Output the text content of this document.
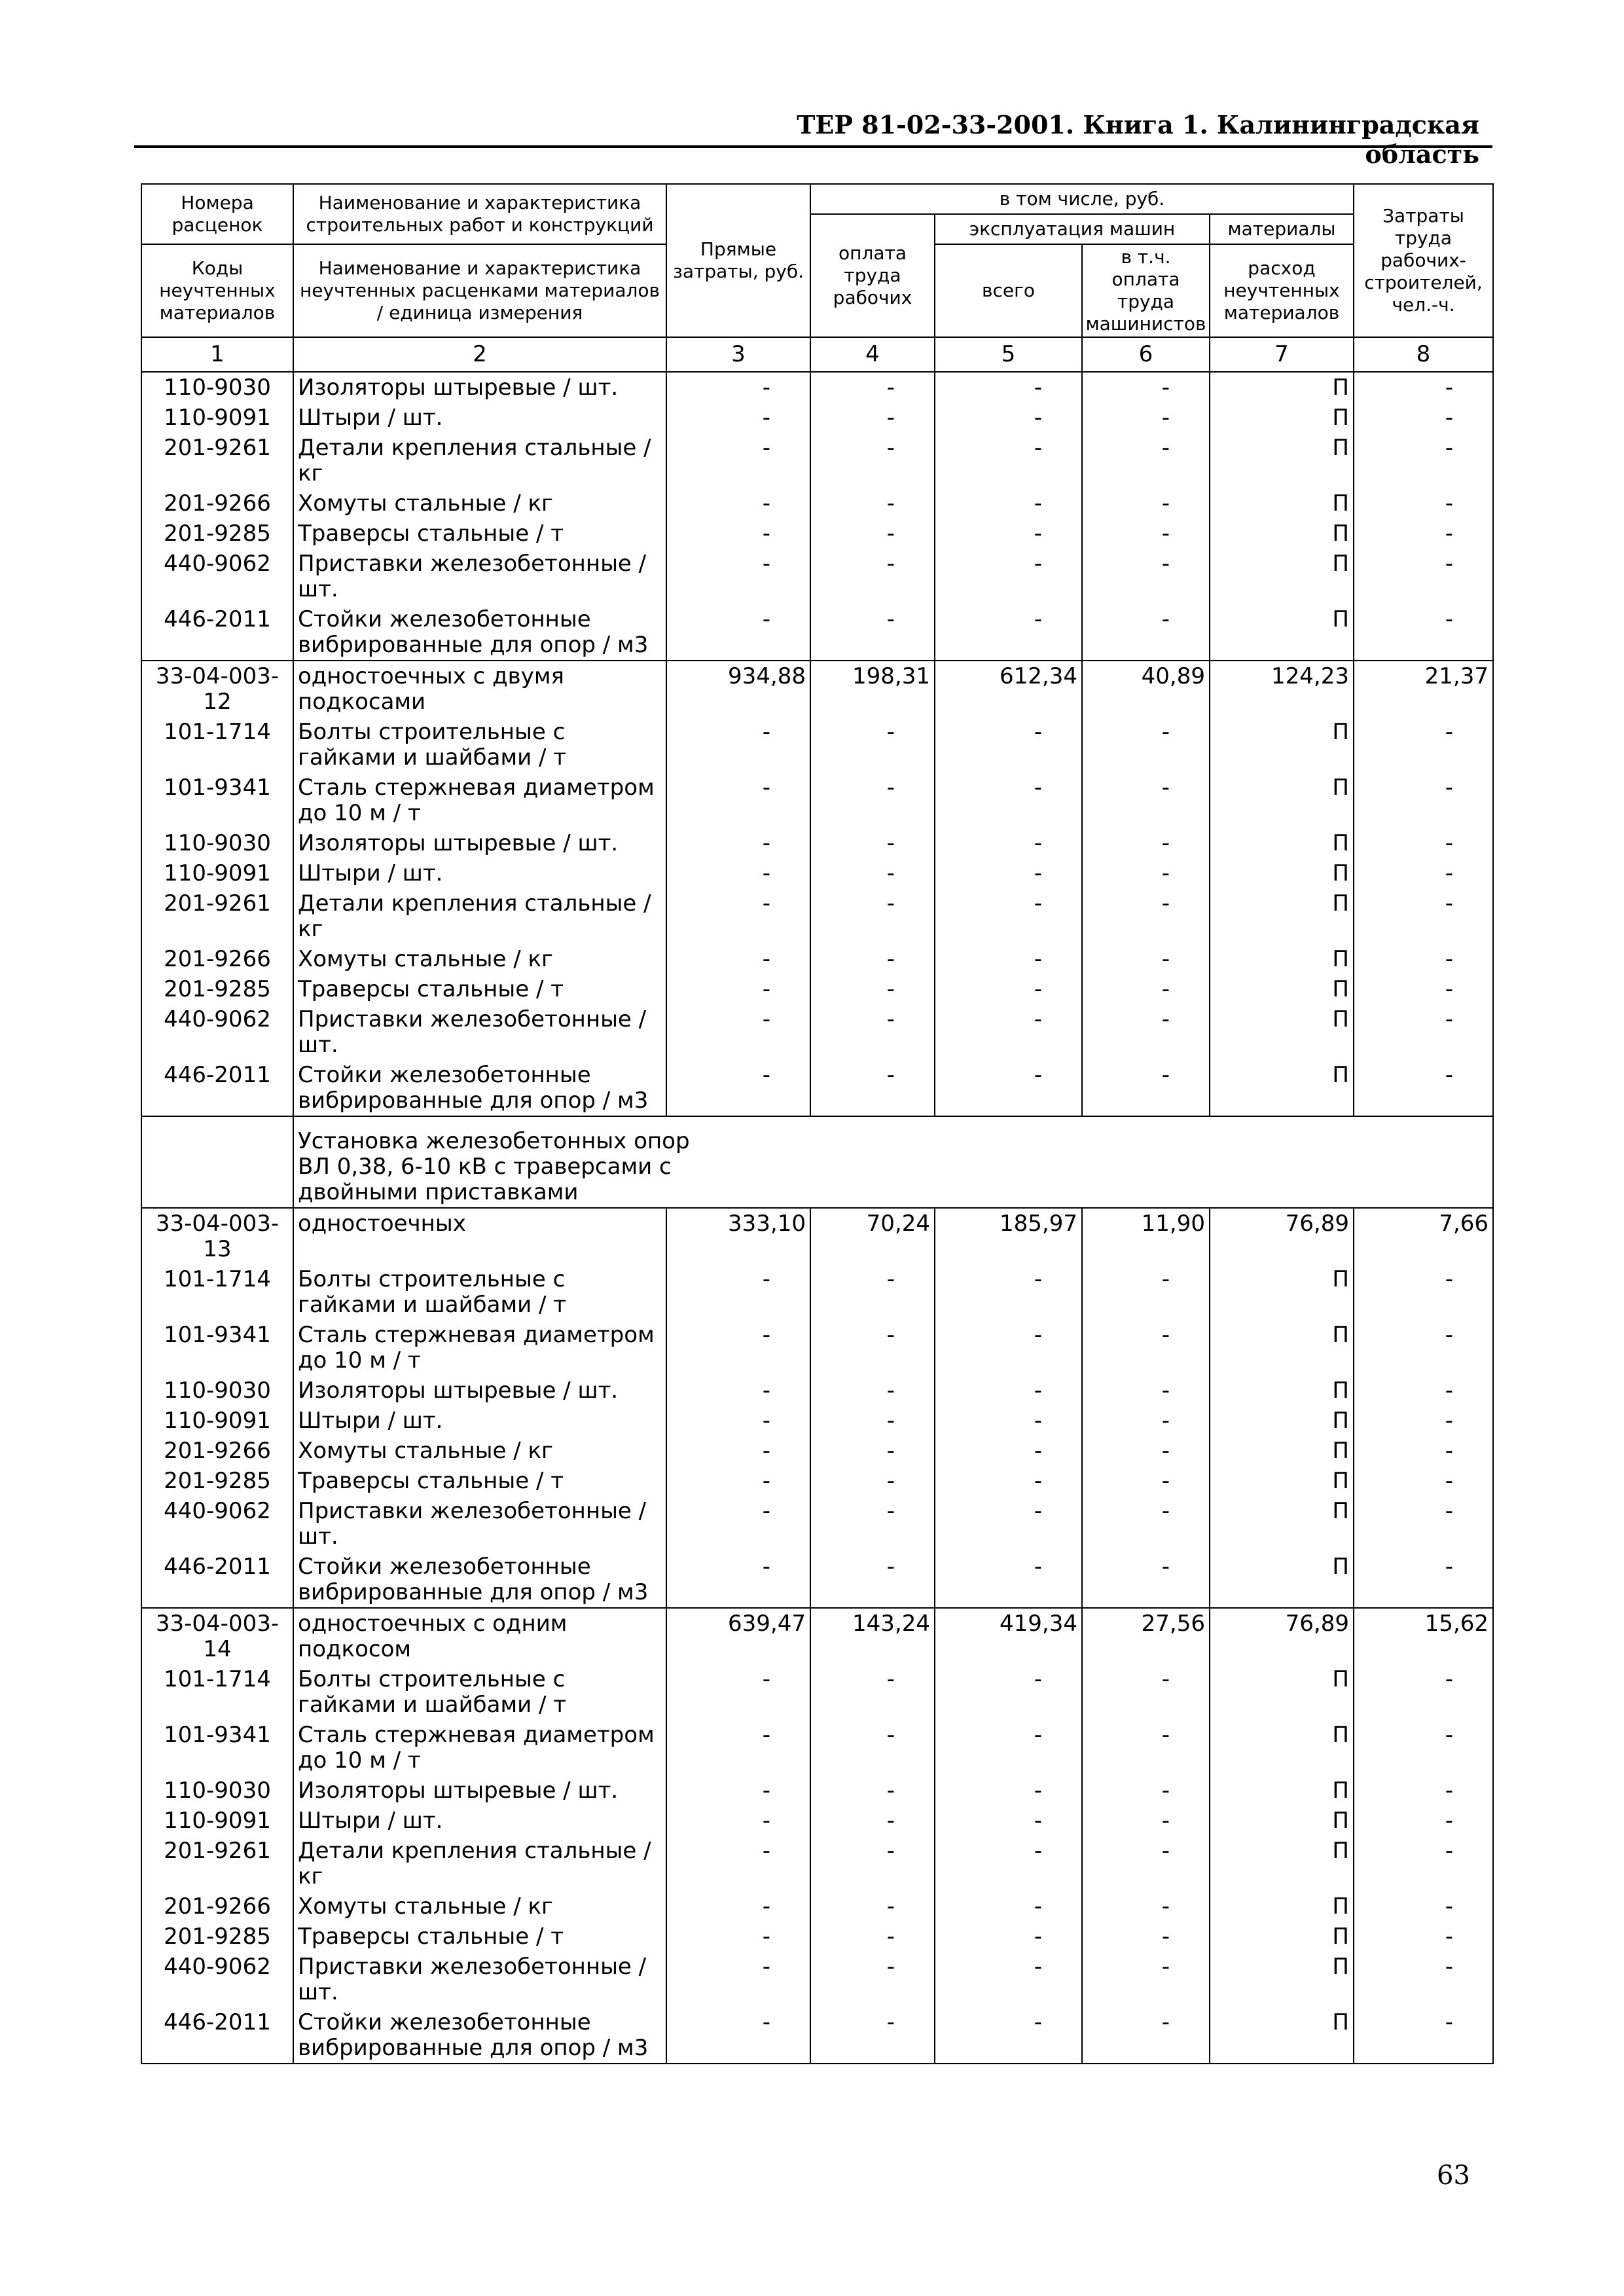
ТЕР 81-02-33-2001. Книга 1. Калининградская область
Номера расценок	Наименование и характеристика строительных работ и конструкций	Прямые затраты, руб.	в том числе, руб.				Затраты труда рабочих-строителей, чел.-ч.
			оплата труда рабочих	эксплуатация машин		материалы	
Коды неучтенных материалов	Наименование и характеристика неучтенных расценками материалов / единица измерения			всего	в т.ч. оплата труда машинистов	расход неучтенных материалов	

1	2	3	4	5	6	7	8
110-9030	Изоляторы штыревые / шт.	-	-	-	-	П	-
110-9091	Штыри / шт.	-	-	-	-	П	-
201-9261	Детали крепления стальные / кг	-	-	-	-	П	-
201-9266	Хомуты стальные / кг	-	-	-	-	П	-
201-9285	Траверсы стальные / т	-	-	-	-	П	-
440-9062	Приставки железобетонные / шт.	-	-	-	-	П	-
446-2011	Стойки железобетонные вибрированные для опор / м3	-	-	-	-	П	-
33-04-003-12	одностоечных с двумя подкосами	934,88	198,31	612,34	40,89	124,23	21,37
101-1714	Болты строительные с гайками и шайбами / т	-	-	-	-	П	-
101-9341	Сталь стержневая диаметром до 10 м / т	-	-	-	-	П	-
110-9030	Изоляторы штыревые / шт.	-	-	-	-	П	-
110-9091	Штыри / шт.	-	-	-	-	П	-
201-9261	Детали крепления стальные / кг	-	-	-	-	П	-
201-9266	Хомуты стальные / кг	-	-	-	-	П	-
201-9285	Траверсы стальные / т	-	-	-	-	П	-
440-9062	Приставки железобетонные / шт.	-	-	-	-	П	-
446-2011	Стойки железобетонные вибрированные для опор / м3	-	-	-	-	П	-
	Установка железобетонных опор ВЛ 0,38, 6-10 кВ с траверсами с двойными приставками						
33-04-003-13	одностоечных	333,10	70,24	185,97	11,90	76,89	7,66
101-1714	Болты строительные с гайками и шайбами / т	-	-	-	-	П	-
101-9341	Сталь стержневая диаметром до 10 м / т	-	-	-	-	П	-
110-9030	Изоляторы штыревые / шт.	-	-	-	-	П	-
110-9091	Штыри / шт.	-	-	-	-	П	-
201-9266	Хомуты стальные / кг	-	-	-	-	П	-
201-9285	Траверсы стальные / т	-	-	-	-	П	-
440-9062	Приставки железобетонные / шт.	-	-	-	-	П	-
446-2011	Стойки железобетонные вибрированные для опор / м3	-	-	-	-	П	-
33-04-003-14	одностоечных с одним подкосом	639,47	143,24	419,34	27,56	76,89	15,62
101-1714	Болты строительные с гайками и шайбами / т	-	-	-	-	П	-
101-9341	Сталь стержневая диаметром до 10 м / т	-	-	-	-	П	-
110-9030	Изоляторы штыревые / шт.	-	-	-	-	П	-
110-9091	Штыри / шт.	-	-	-	-	П	-
201-9261	Детали крепления стальные / кг	-	-	-	-	П	-
201-9266	Хомуты стальные / кг	-	-	-	-	П	-
201-9285	Траверсы стальные / т	-	-	-	-	П	-
440-9062	Приставки железобетонные / шт.	-	-	-	-	П	-
446-2011	Стойки железобетонные вибрированные для опор / м3	-	-	-	-	П	-
63
